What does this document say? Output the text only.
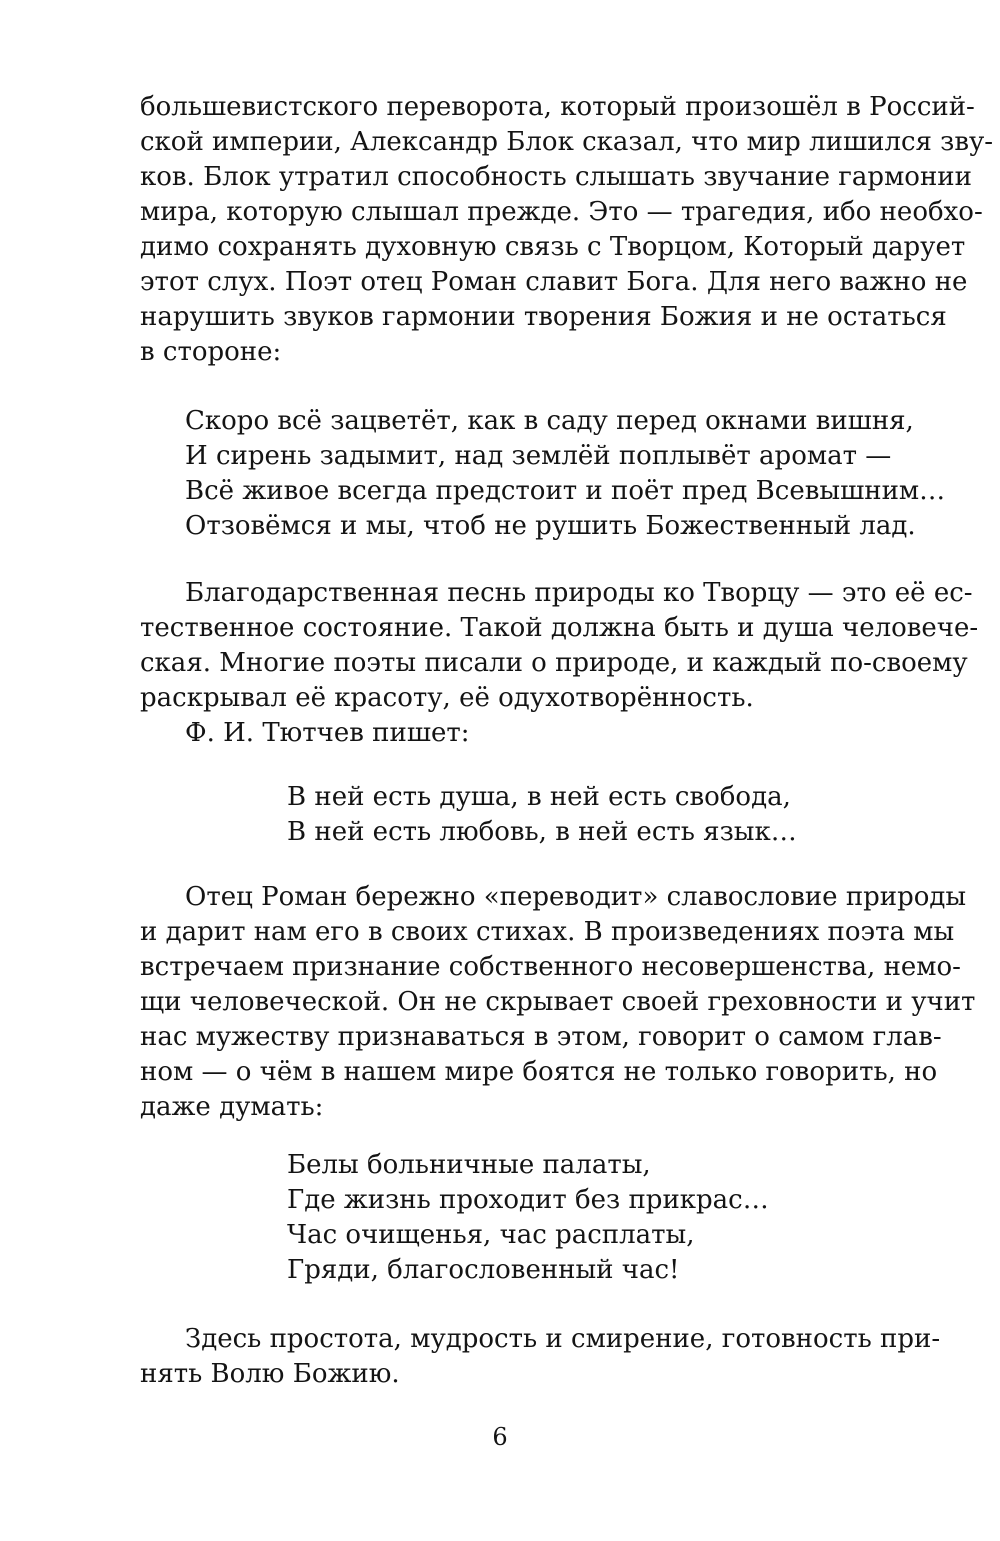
большевистского переворота, который произошёл в Россий-
ской империи, Александр Блок сказал, что мир лишился зву-
ков. Блок утратил способность слышать звучание гармонии
мира, которую слышал прежде. Это — трагедия, ибо необхо-
димо сохранять духовную связь с Творцом, Который дарует
этот слух. Поэт отец Роман славит Бога. Для него важно не
нарушить звуков гармонии творения Божия и не остаться
в стороне:
Скоро всё зацветёт, как в саду перед окнами вишня,
И сирень задымит, над землёй поплывёт аромат —
Всё живое всегда предстоит и поёт пред Всевышним…
Отзовёмся и мы, чтоб не рушить Божественный лад.
Благодарственная песнь природы ко Творцу — это её ес-
тественное состояние. Такой должна быть и душа человече-
ская. Многие поэты писали о природе, и каждый по-своему
раскрывал её красоту, её одухотворённость.
Ф. И. Тютчев пишет:
В ней есть душа, в ней есть свобода,
В ней есть любовь, в ней есть язык…
Отец Роман бережно «переводит» славословие природы
и дарит нам его в своих стихах. В произведениях поэта мы
встречаем признание собственного несовершенства, немо-
щи человеческой. Он не скрывает своей греховности и учит
нас мужеству признаваться в этом, говорит о самом глав-
ном — о чём в нашем мире боятся не только говорить, но
даже думать:
Белы больничные палаты,
Где жизнь проходит без прикрас…
Час очищенья, час расплаты,
Гряди, благословенный час!
Здесь простота, мудрость и смирение, готовность при-
нять Волю Божию.
6
